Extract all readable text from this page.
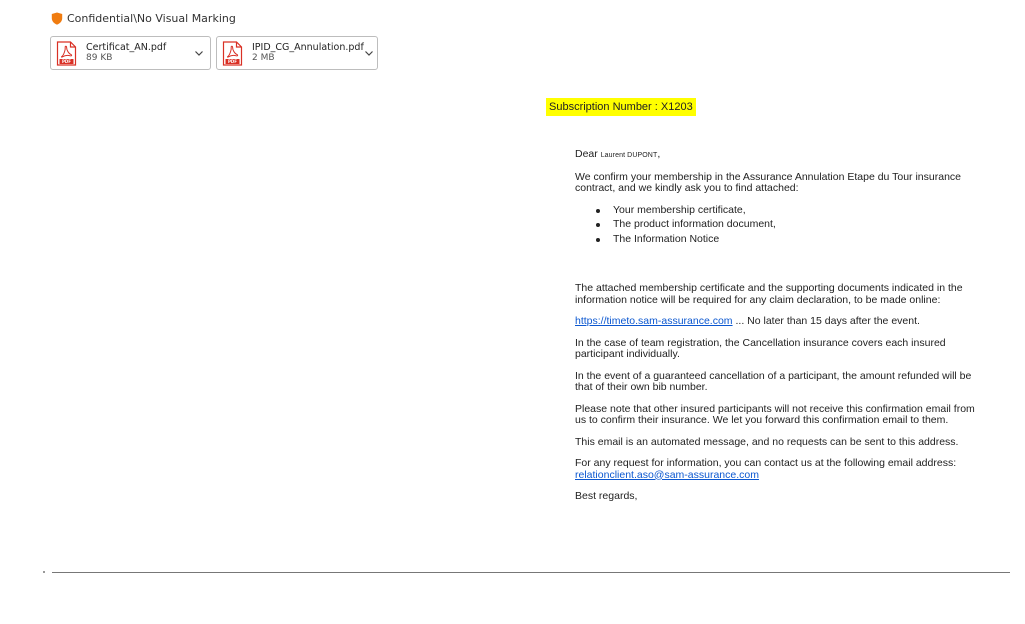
Confidential\No Visual Marking
PDF
Certificat_AN.pdf
89 KB	PDF
IPID_CG_Annulation.pdf
2 MB
Subscription Number : X1203

Dear Laurent DUPONT,

We confirm your membership in the Assurance Annulation Etape du Tour insurance contract, and we kindly ask you to find attached:

Your membership certificate,
The product information document,
The Information Notice

The attached membership certificate and the supporting documents indicated in the information notice will be required for any claim declaration, to be made online:

https://timeto.sam-assurance.com ... No later than 15 days after the event.

In the case of team registration, the Cancellation insurance covers each insured participant individually.

In the event of a guaranteed cancellation of a participant, the amount refunded will be that of their own bib number.

Please note that other insured participants will not receive this confirmation email from us to confirm their insurance. We let you forward this confirmation email to them.

This email is an automated message, and no requests can be sent to this address.

For any request for information, you can contact us at the following email address:
relationclient.aso@sam-assurance.com

Best regards,
